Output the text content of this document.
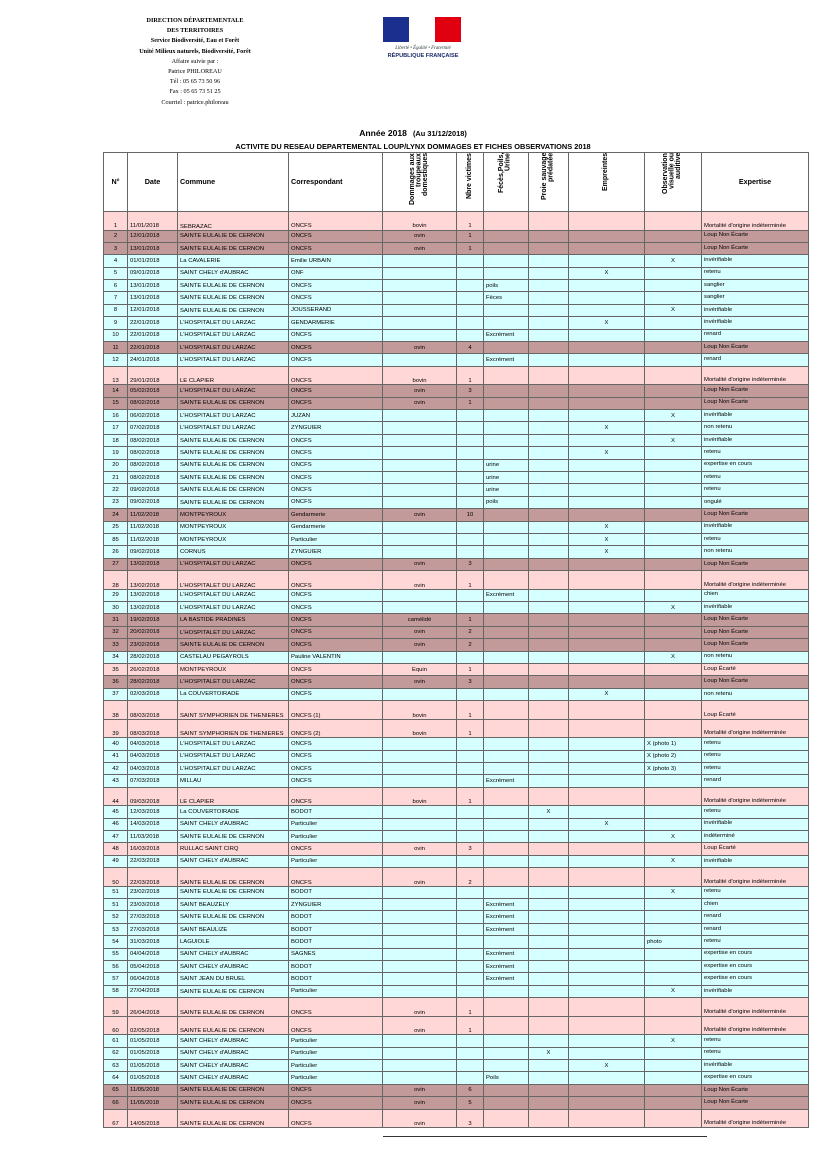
DIRECTION DÉPARTEMENTALE
DES TERRITOIRES
Service Biodiversité, Eau et Forêt
Unité Milieux naturels, Biodiversité, Forêt
Affaire suivie par :
Patrice PHILOREAU
Tél : 05 65 73 50 96
Fax : 05 65 73 51 25
Courriel : patrice.philoreau
Liberté • Égalité • Fraternité
RÉPUBLIQUE FRANÇAISE
Année 2018 (Au 31/12/2018)
ACTIVITE DU RESEAU DEPARTEMENTAL LOUP/LYNX DOMMAGES ET FICHES OBSERVATIONS 2018
N°	Date	Commune	Correspondant	Dommages aux troupeaux domestiques	Nbre victimes	Fécès,Poils, Urine	Proie sauvage prédatée	Empreintes	Observation visuelle ou auditive	Expertise
1	11/01/2018	SEBRAZAC	ONCFS	bovin	1					Mortalité d'origine indéterminée
2	12/01/2018	SAINTE EULALIE DE CERNON	ONCFS	ovin	1					Loup Non Écarte
3	13/01/2018	SAINTE EULALIE DE CERNON	ONCFS	ovin	1					Loup Non Écarte
4	01/01/2018	La CAVALERIE	Emilie URBAIN						X	invérifiable
5	09/01/2018	SAINT CHELY d'AUBRAC	ONF					X		retenu
6	13/01/2018	SAINTE EULALIE DE CERNON	ONCFS			poils				sanglier
7	13/01/2018	SAINTE EULALIE DE CERNON	ONCFS			Fèces				sanglier
8	12/01/2018	SAINTE EULALIE DE CERNON	JOUSSERAND						X	invérifiable
9	22/01/2018	L'HOSPITALET DU LARZAC	GENDARMERIE					X		invérifiable
10	22/01/2018	L'HOSPITALET DU LARZAC	ONCFS			Excrément				renard
11	22/01/2018	L'HOSPITALET DU LARZAC	ONCFS	ovin	4					Loup Non Écarte
12	24/01/2018	L'HOSPITALET DU LARZAC	ONCFS			Excrément				renard
13	29/01/2018	LE CLAPIER	ONCFS	bovin	1					Mortalité d'origine indéterminée
14	05/02/2018	L'HOSPITALET DU LARZAC	ONCFS	ovin	3					Loup Non Écarte
15	08/02/2018	SAINTE EULALIE DE CERNON	ONCFS	ovin	1					Loup Non Écarte
16	06/02/2018	L'HOSPITALET DU LARZAC	JUZAN						X	invérifiable
17	07/02/2018	L'HOSPITALET DU LARZAC	ZYNGUIER					X		non retenu
18	08/02/2018	SAINTE EULALIE DE CERNON	ONCFS						X	invérifiable
19	08/02/2018	SAINTE EULALIE DE CERNON	ONCFS					X		retenu
20	08/02/2018	SAINTE EULALIE DE CERNON	ONCFS			urine				expertise en cours
21	08/02/2018	SAINTE EULALIE DE CERNON	ONCFS			urine				retenu
22	09/02/2018	SAINTE EULALIE DE CERNON	ONCFS			urine				retenu
23	09/02/2018	SAINTE EULALIE DE CERNON	ONCFS			poils				ongulé
24	11/02/2018	MONTPEYROUX	Gendarmerie	ovin	10					Loup Non Écarte
25	11/02/2018	MONTPEYROUX	Gendarmerie					X		invérifiable
85	11/02/2018	MONTPEYROUX	Particulier					X		retenu
26	09/02/2018	CORNUS	ZYNGUIER					X		non retenu
27	13/02/2018	L'HOSPITALET DU LARZAC	ONCFS	ovin	3					Loup Non Écarte
28	13/02/2018	L'HOSPITALET DU LARZAC	ONCFS	ovin	1					Mortalité d'origine indéterminée
29	13/02/2018	L'HOSPITALET DU LARZAC	ONCFS			Excrément				chien
30	13/02/2018	L'HOSPITALET DU LARZAC	ONCFS						X	invérifiable
31	19/02/2018	LA BASTIDE PRADINES	ONCFS	camélidé	1					Loup Non Écarte
32	20/02/2018	L'HOSPITALET DU LARZAC	ONCFS	ovin	2					Loup Non Écarte
33	23/02/2018	SAINTE EULALIE DE CERNON	ONCFS	ovin	2					Loup Non Écarte
34	28/02/2018	CASTELAU PEGAYROLS	Pauline VALENTIN						X	non retenu
35	26/02/2018	MONTPEYROUX	ONCFS	Equin	1					Loup Écarté
36	28/02/2018	L'HOSPITALET DU LARZAC	ONCFS	ovin	3					Loup Non Écarte
37	02/03/2018	La COUVERTOIRADE	ONCFS					X		non retenu
38	08/03/2018	SAINT SYMPHORIEN DE THENIERES	ONCFS (1)	bovin	1					Loup Écarté
39	08/03/2018	SAINT SYMPHORIEN DE THENIERES	ONCFS (2)	bovin	1					Mortalité d'origine indéterminée
40	04/03/2018	L'HOSPITALET DU LARZAC	ONCFS						X (photo 1)	retenu
41	04/03/2018	L'HOSPITALET DU LARZAC	ONCFS						X (photo 2)	retenu
42	04/03/2018	L'HOSPITALET DU LARZAC	ONCFS						X (photo 3)	retenu
43	07/03/2018	MILLAU	ONCFS			Excrément				renard
44	09/03/2018	LE CLAPIER	ONCFS	bovin	1					Mortalité d'origine indéterminée
45	12/03/2018	La COUVERTOIRADE	BODOT				X			retenu
46	14/03/2018	SAINT CHELY d'AUBRAC	Particulier					X		invérifiable
47	11/03/2018	SAINTE EULALIE DE CERNON	Particulier						X	indéterminé
48	16/03/2018	RULLAC SAINT CIRQ	ONCFS	ovin	3					Loup Écarté
49	22/03/2018	SAINT CHELY d'AUBRAC	Particulier						X	invérifiable
50	22/03/2018	SAINTE EULALIE DE CERNON	ONCFS	ovin	2					Mortalité d'origine indéterminée
51	23/02/2018	SAINTE EULALIE DE CERNON	BODOT						X	retenu
51	23/03/2018	SAINT BEAUZELY	ZYNGUIER			Excrément				chien
52	27/03/2018	SAINTE EULALIE DE CERNON	BODOT			Excrément				renard
53	27/03/2018	SAINT BEAULIZE	BODOT			Excrément				renard
54	31/03/2018	LAGUIOLE	BODOT						photo	retenu
55	04/04/2018	SAINT CHELY d'AUBRAC	SAGNES			Excrément				expertise en cours
56	05/04/2018	SAINT CHELY d'AUBRAC	BODOT			Excrément				expertise en cours
57	06/04/2018	SAINT JEAN DU BRUEL	BODOT			Excrément				expertise en cours
58	27/04/2018	SAINTE EULALIE DE CERNON	Particulier						X	invérifiable
59	26/04/2018	SAINTE EULALIE DE CERNON	ONCFS	ovin	1					Mortalité d'origine indéterminée
60	02/05/2018	SAINTE EULALIE DE CERNON	ONCFS	ovin	1					Mortalité d'origine indéterminée
61	01/05/2018	SAINT CHELY d'AUBRAC	Particulier						X	retenu
62	01/05/2018	SAINT CHELY d'AUBRAC	Particulier				X			retenu
63	01/05/2018	SAINT CHELY d'AUBRAC	Particulier					X		invérifiable
64	01/05/2018	SAINT CHELY d'AUBRAC	Particulier			Poils				expertise en cours
65	11/05/2018	SAINTE EULALIE DE CERNON	ONCFS	ovin	6					Loup Non Écarte
66	11/05/2018	SAINTE EULALIE DE CERNON	ONCFS	ovin	5					Loup Non Écarte
67	14/05/2018	SAINTE EULALIE DE CERNON	ONCFS	ovin	3					Mortalité d'origine indéterminée
